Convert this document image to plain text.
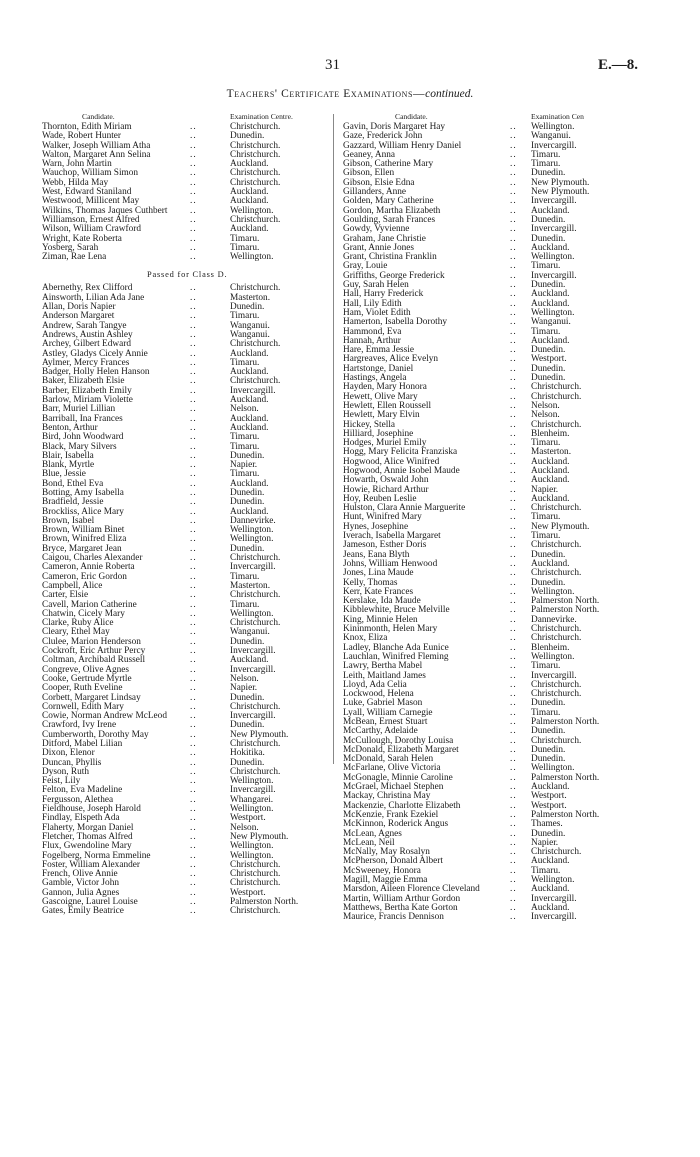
31	E.—8.
Teachers' Certificate Examinations—continued.
Candidate.	Examination Centre.
Thornton, Edith Miriam	..	Christchurch.
Wade, Robert Hunter	..	Dunedin.
Walker, Joseph William Atha	..	Christchurch.
Walton, Margaret Ann Selina	..	Christchurch.
Warn, John Martin	..	Auckland.
Wauchop, William Simon	..	Christchurch.
Webb, Hilda May	..	Christchurch.
West, Edward Staniland	..	Auckland.
Westwood, Millicent May	..	Auckland.
Wilkins, Thomas Jaques Cuthbert ..	Wellington.
Williamson, Ernest Alfred	..	Christchurch.
Wilson, William Crawford	..	Auckland.
Wright, Kate Roberta	..	Timaru.
Yosberg, Sarah	..	Timaru.
Ziman, Rae Lena	..	Wellington.
Passed for Class D.
Abernethy, Rex Clifford	..	Christchurch.
Ainsworth, Lilian Ada Jane	..	Masterton.
Allan, Doris Napier	..	Dunedin.
Anderson Margaret	..	Timaru.
Andrew, Sarah Tangye	..	Wanganui.
Andrews, Austin Ashley	..	Wanganui.
Archey, Gilbert Edward	..	Christchurch.
Astley, Gladys Cicely Annie	..	Auckland.
Aylmer, Mercy Frances	..	Timaru.
Badger, Holly Helen Hanson	..	Auckland.
Baker, Elizabeth Elsie	..	Christchurch.
Barber, Elizabeth Emily	..	Invercargill.
Barlow, Miriam Violette	..	Auckland.
Barr, Muriel Lillian	..	Nelson.
Barriball, Ina Frances	..	Auckland.
Benton, Arthur	..	Auckland.
Bird, John Woodward	..	Timaru.
Black, Mary Silvers	..	Timaru.
Blair, Isabella	..	Dunedin.
Blank, Myrtle	..	Napier.
Blue, Jessie	..	Timaru.
Bond, Ethel Eva	..	Auckland.
Botting, Amy Isabella	..	Dunedin.
Bradfield, Jessie	..	Dunedin.
Brockliss, Alice Mary	..	Auckland.
Brown, Isabel	..	Dannevirke.
Brown, William Binet	..	Wellington.
Brown, Winifred Eliza	..	Wellington.
Bryce, Margaret Jean	..	Dunedin.
Caigou, Charles Alexander	..	Christchurch.
Cameron, Annie Roberta	..	Invercargill.
Cameron, Eric Gordon	..	Timaru.
Campbell, Alice	..	Masterton.
Carter, Elsie	..	Christchurch.
Cavell, Marion Catherine	..	Timaru.
Chatwin, Cicely Mary	..	Wellington.
Clarke, Ruby Alice	..	Christchurch.
Cleary, Ethel May	..	Wanganui.
Clulee, Marion Henderson	..	Dunedin.
Cockroft, Eric Arthur Percy	..	Invercargill.
Coltman, Archibald Russell	..	Auckland.
Congreve, Olive Agnes	..	Invercargill.
Cooke, Gertrude Myrtle	..	Nelson.
Cooper, Ruth Eveline	..	Napier.
Corbett, Margaret Lindsay	..	Dunedin.
Cornwell, Edith Mary	..	Christchurch.
Cowie, Norman Andrew McLeod ..	Invercargill.
Crawford, Ivy Irene	..	Dunedin.
Cumberworth, Dorothy May	..	New Plymouth.
Ditford, Mabel Lilian	..	Christchurch.
Dixon, Elenor	..	Hokitika.
Duncan, Phyllis	..	Dunedin.
Dyson, Ruth	..	Christchurch.
Feist, Lily	..	Wellington.
Felton, Eva Madeline	..	Invercargill.
Fergusson, Alethea	..	Whangarei.
Fieldhouse, Joseph Harold	..	Wellington.
Findlay, Elspeth Ada	..	Westport.
Flaherty, Morgan Daniel	..	Nelson.
Fletcher, Thomas Alfred	..	New Plymouth.
Flux, Gwendoline Mary	..	Wellington.
Fogelberg, Norma Emmeline	..	Wellington.
Foster, William Alexander	..	Christchurch.
French, Olive Annie	..	Christchurch.
Gamble, Victor John	..	Christchurch.
Gannon, Julia Agnes	..	Westport.
Gascoigne, Laurel Louise	..	Palmerston North.
Gates, Emily Beatrice	..	Christchurch.
Candidate.	Examination Cen
Gavin, Doris Margaret Hay	.. Wellington.
Gaze, Frederick John	.. Wanganui.
Gazzard, William Henry Daniel	.. Invercargill.
Geaney, Anna	.. Timaru.
Gibson, Catherine Mary	.. Timaru.
Gibson, Ellen	.. Dunedin.
Gibson, Elsie Edna	.. New Plymouth.
Gillanders, Anne	.. New Plymouth.
Golden, Mary Catherine	.. Invercargill.
Gordon, Martha Elizabeth	.. Auckland.
Goulding, Sarah Frances	.. Dunedin.
Gowdy, Vyvienne	.. Invercargill.
Graham, Jane Christie	.. Dunedin.
Grant, Annie Jones	.. Auckland.
Grant, Christina Franklin	.. Wellington.
Gray, Louie	.. Timaru.
Griffiths, George Frederick	.. Invercargill.
Guy, Sarah Helen	.. Dunedin.
Hall, Harry Frederick	.. Auckland.
Hall, Lily Edith	.. Auckland.
Ham, Violet Edith	.. Wellington.
Hamerton, Isabella Dorothy	.. Wanganui.
Hammond, Eva	.. Timaru.
Hannah, Arthur	.. Auckland.
Hare, Emma Jessie	.. Dunedin.
Hargreaves, Alice Evelyn	.. Westport.
Hartstonge, Daniel	.. Dunedin.
Hastings, Angela	.. Dunedin.
Hayden, Mary Honora	.. Christchurch.
Hewett, Olive Mary	.. Christchurch.
Hewlett, Ellen Roussell	.. Nelson.
Hewlett, Mary Elvin	.. Nelson.
Hickey, Stella	.. Christchurch.
Hilliard, Josephine	.. Blenheim.
Hodges, Muriel Emily	.. Timaru.
Hogg, Mary Felicita Franziska	.. Masterton.
Hogwood, Alice Winifred	.. Auckland.
Hogwood, Annie Isobel Maude	.. Auckland.
Howarth, Oswald John	.. Auckland.
Howie, Richard Arthur	.. Napier.
Hoy, Reuben Leslie	.. Auckland.
Hulston, Clara Annie Marguerite	.. Christchurch.
Hunt, Winifred Mary	.. Timaru.
Hynes, Josephine	.. New Plymouth.
Iverach, Isabella Margaret	.. Timaru.
Jameson, Esther Doris	.. Christchurch.
Jeans, Eana Blyth	.. Dunedin.
Johns, William Henwood	.. Auckland.
Jones, Lina Maude	.. Christchurch.
Kelly, Thomas	.. Dunedin.
Kerr, Kate Frances	.. Wellington.
Kerslake, Ida Maude	.. Palmerston North.
Kibblewhite, Bruce Melville	.. Palmerston North.
King, Minnie Helen	.. Dannevirke.
Kininmonth, Helen Mary	.. Christchurch.
Knox, Eliza	.. Christchurch.
Ladley, Blanche Ada Eunice	.. Blenheim.
Lauchlan, Winifred Fleming	.. Wellington.
Lawry, Bertha Mabel	.. Timaru.
Leith, Maitland James	.. Invercargill.
Lloyd, Ada Celia	.. Christchurch.
Lockwood, Helena	.. Christchurch.
Luke, Gabriel Mason	.. Dunedin.
Lyall, William Carnegie	.. Timaru.
McBean, Ernest Stuart	.. Palmerston North.
McCarthy, Adelaide	.. Dunedin.
McCullough, Dorothy Louisa	.. Christchurch.
McDonald, Elizabeth Margaret	.. Dunedin.
McDonald, Sarah Helen	.. Dunedin.
McFarlane, Olive Victoria	.. Wellington.
McGonagle, Minnie Caroline	.. Palmerston North.
McGrael, Michael Stephen	.. Auckland.
Mackay, Christina May	.. Westport.
Mackenzie, Charlotte Elizabeth	.. Westport.
McKenzie, Frank Ezekiel	.. Palmerston North.
McKinnon, Roderick Angus	.. Thames.
McLean, Agnes	.. Dunedin.
McLean, Neil	.. Napier.
McNally, May Rosalyn	.. Christchurch.
McPherson, Donald Albert	.. Auckland.
McSweeney, Honora	.. Timaru.
Magill, Maggie Emma	.. Wellington.
Marsdon, Aileen Florence Cleveland	.. Auckland.
Martin, William Arthur Gordon	.. Invercargill.
Matthews, Bertha Kate Gorton	.. Auckland.
Maurice, Francis Dennison	.. Invercargill.
